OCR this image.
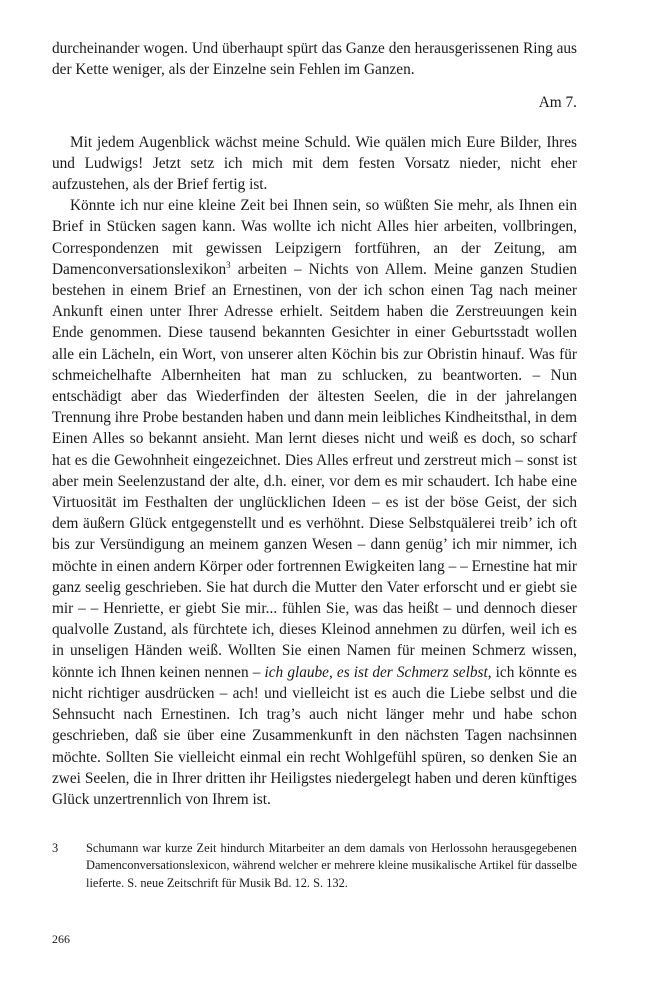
durcheinander wogen. Und überhaupt spürt das Ganze den herausgerissenen Ring aus der Kette weniger, als der Einzelne sein Fehlen im Ganzen.

Am 7.

Mit jedem Augenblick wächst meine Schuld. Wie quälen mich Eure Bilder, Ihres und Ludwigs! Jetzt setz ich mich mit dem festen Vorsatz nieder, nicht eher aufzustehen, als der Brief fertig ist.

Könnte ich nur eine kleine Zeit bei Ihnen sein, so wüßten Sie mehr, als Ihnen ein Brief in Stücken sagen kann. Was wollte ich nicht Alles hier arbeiten, vollbringen, Correspondenzen mit gewissen Leipzigern fortführen, an der Zeitung, am Damenconversationslexikon$^3$ arbeiten – Nichts von Allem. Meine ganzen Studien bestehen in einem Brief an Ernestinen, von der ich schon einen Tag nach meiner Ankunft einen unter Ihrer Adresse erhielt. Seitdem haben die Zerstreuungen kein Ende genommen. Diese tausend bekannten Gesichter in einer Geburtsstadt wollen alle ein Lächeln, ein Wort, von unserer alten Köchin bis zur Obristin hinauf. Was für schmeichelhafte Albernheiten hat man zu schlucken, zu beantworten. – Nun entschädigt aber das Wiederfinden der ältesten Seelen, die in der jahrelangen Trennung ihre Probe bestanden haben und dann mein leibliches Kindheitsthal, in dem Einen Alles so bekannt ansieht. Man lernt dieses nicht und weiß es doch, so scharf hat es die Gewohnheit eingezeichnet. Dies Alles erfreut und zerstreut mich – sonst ist aber mein Seelenzustand der alte, d.h. einer, vor dem es mir schaudert. Ich habe eine Virtuosität im Festhalten der unglücklichen Ideen – es ist der böse Geist, der sich dem äußern Glück entgegenstellt und es verhöhnt. Diese Selbstquälerei treib’ ich oft bis zur Versündigung an meinem ganzen Wesen – dann genüg’ ich mir nimmer, ich möchte in einen andern Körper oder fortrennen Ewigkeiten lang – – Ernestine hat mir ganz seelig geschrieben. Sie hat durch die Mutter den Vater erforscht und er giebt sie mir – – Henriette, er giebt Sie mir... fühlen Sie, was das heißt – und dennoch dieser qualvolle Zustand, als fürchtete ich, dieses Kleinod annehmen zu dürfen, weil ich es in unseligen Händen weiß. Wollten Sie einen Namen für meinen Schmerz wissen, könnte ich Ihnen keinen nennen – ich glaube, es ist der Schmerz selbst, ich könnte es nicht richtiger ausdrücken – ach! und vielleicht ist es auch die Liebe selbst und die Sehnsucht nach Ernestinen. Ich trag’s auch nicht länger mehr und habe schon geschrieben, daß sie über eine Zusammenkunft in den nächsten Tagen nachsinnen möchte. Sollten Sie vielleicht einmal ein recht Wohlgefühl spüren, so denken Sie an zwei Seelen, die in Ihrer dritten ihr Heiligstes niedergelegt haben und deren künftiges Glück unzertrennlich von Ihrem ist.

3	Schumann war kurze Zeit hindurch Mitarbeiter an dem damals von Herlossohn herausgegebenen Damenconversationslexicon, während welcher er mehrere kleine musikalische Artikel für dasselbe lieferte. S. neue Zeitschrift für Musik Bd. 12. S. 132.
266
